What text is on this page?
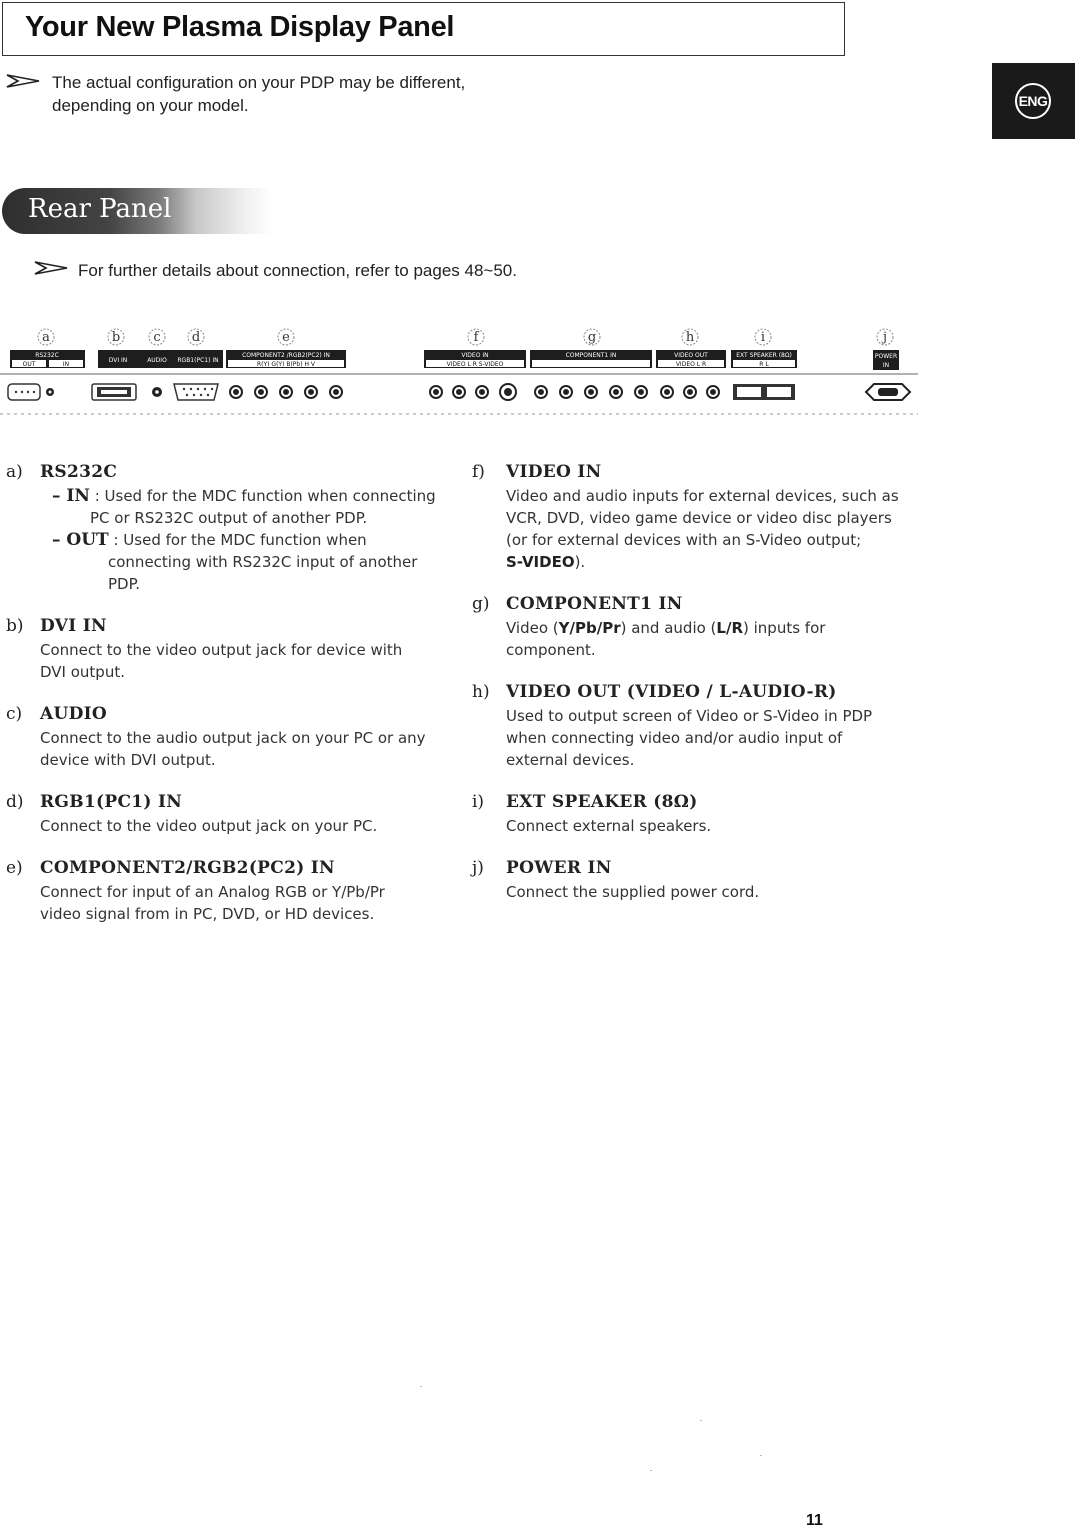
Your New Plasma Display Panel
ENG
The actual configuration on your PDP may be different,
depending on your model.
Rear Panel
For further details about connection, refer to pages 48~50.
a	b	c d	e	f	g	h	i	j
RS232C
OUT	IN
DVI IN	AUDIO RGB1(PC1) IN
COMPONENT2 /RGB2(PC2) IN
R(Y) G(Y) B(Pb) H V
VIDEO IN
VIDEO L R S-VIDEO
COMPONENT1 IN	VIDEO OUT
VIDEO L R
EXT SPEAKER (8Ω)
R L
POWER
IN
a) RS232C
– IN : Used for the MDC function when connecting
PC or RS232C output of another PDP.
– OUT : Used for the MDC function when
connecting with RS232C input of another
PDP.
b) DVI IN
Connect to the video output jack for device with
DVI output.
c) AUDIO
Connect to the audio output jack on your PC or any
device with DVI output.
d) RGB1(PC1) IN
Connect to the video output jack on your PC.
e) COMPONENT2/RGB2(PC2) IN
Connect for input of an Analog RGB or Y/Pb/Pr
video signal from in PC, DVD, or HD devices.
f) VIDEO IN
Video and audio inputs for external devices, such as
VCR, DVD, video game device or video disc players
(or for external devices with an S-Video output;
S-VIDEO).
g) COMPONENT1 IN
Video (Y/Pb/Pr) and audio (L/R) inputs for
component.
h) VIDEO OUT (VIDEO / L-AUDIO-R)
Used to output screen of Video or S-Video in PDP
when connecting video and/or audio input of
external devices.
i) EXT SPEAKER (8Ω)
Connect external speakers.
j) POWER IN
Connect the supplied power cord.
11
